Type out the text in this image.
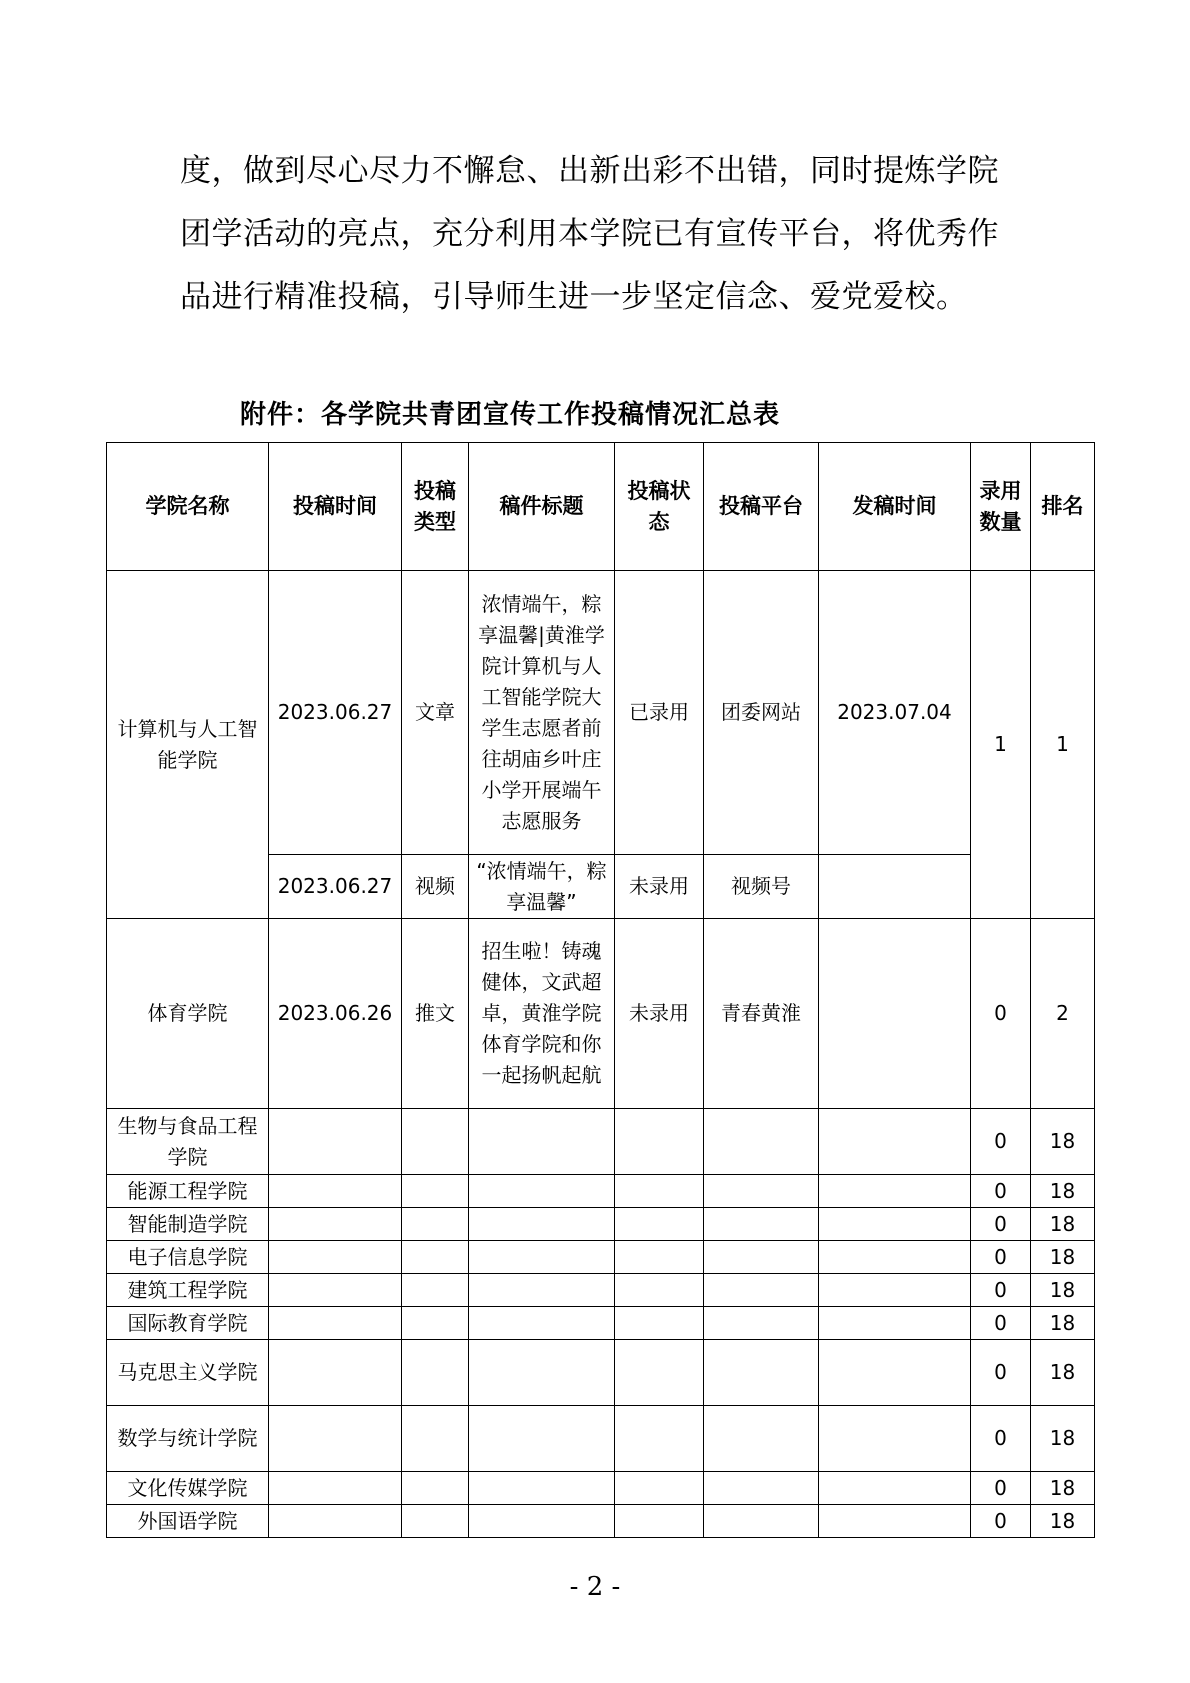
度，做到尽心尽力不懈怠、出新出彩不出错，同时提炼学院
团学活动的亮点，充分利用本学院已有宣传平台，将优秀作
品进行精准投稿，引导师生进一步坚定信念、爱党爱校。
附件：各学院共青团宣传工作投稿情况汇总表
学院名称	投稿时间	投稿类型	稿件标题	投稿状态	投稿平台	发稿时间	录用数量	排名
计算机与人工智能学院	2023.06.27	文章	浓情端午，粽享温馨|黄淮学院计算机与人工智能学院大学生志愿者前往胡庙乡叶庄小学开展端午志愿服务	已录用	团委网站	2023.07.04	1	1
	2023.06.27	视频	“浓情端午，粽享温馨”	未录用	视频号			
体育学院	2023.06.26	推文	招生啦！铸魂健体，文武超卓，黄淮学院体育学院和你一起扬帆起航	未录用	青春黄淮		0	2
生物与食品工程学院							0	18
能源工程学院							0	18
智能制造学院							0	18
电子信息学院							0	18
建筑工程学院							0	18
国际教育学院							0	18
马克思主义学院							0	18
数学与统计学院							0	18
文化传媒学院							0	18
外国语学院							0	18
- 2 -
